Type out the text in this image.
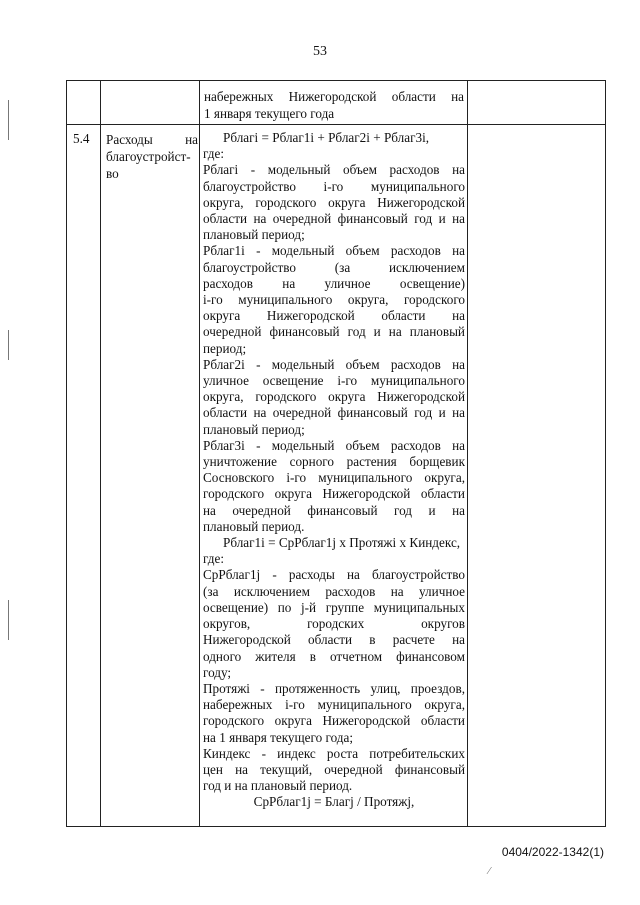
53
набережных Нижегородской области на
1 января текущего года
5.4 Расходы на
благоустройст-
во
Рблагi = Рблаг1i + Рблаг2i + Рблаг3i,
где:
Рблагi - модельный объем расходов на
благоустройство i-го муниципального
округа, городского округа Нижегородской
области на очередной финансовый год и на
плановый период;
Рблаг1i - модельный объем расходов на
благоустройство (за исключением
расходов на уличное освещение)
i-го муниципального округа, городского
округа Нижегородской области на
очередной финансовый год и на плановый
период;
Рблаг2i - модельный объем расходов на
уличное освещение i-го муниципального
округа, городского округа Нижегородской
области на очередной финансовый год и на
плановый период;
Рблаг3i - модельный объем расходов на
уничтожение сорного растения борщевик
Сосновского i-го муниципального округа,
городского округа Нижегородской области
на очередной финансовый год и на
плановый период.
Рблаг1i = СрРблаг1j x Протяжi x Киндекс,
где:
СрРблаг1j - расходы на благоустройство
(за исключением расходов на уличное
освещение) по j-й группе муниципальных
округов, городских округов
Нижегородской области в расчете на
одного жителя в отчетном финансовом
году;
Протяжi - протяженность улиц, проездов,
набережных i-го муниципального округа,
городского округа Нижегородской области
на 1 января текущего года;
Киндекс - индекс роста потребительских
цен на текущий, очередной финансовый
год и на плановый период.
СрРблаг1j = Благj / Протяжj,
0404/2022-1342(1)
⁄
